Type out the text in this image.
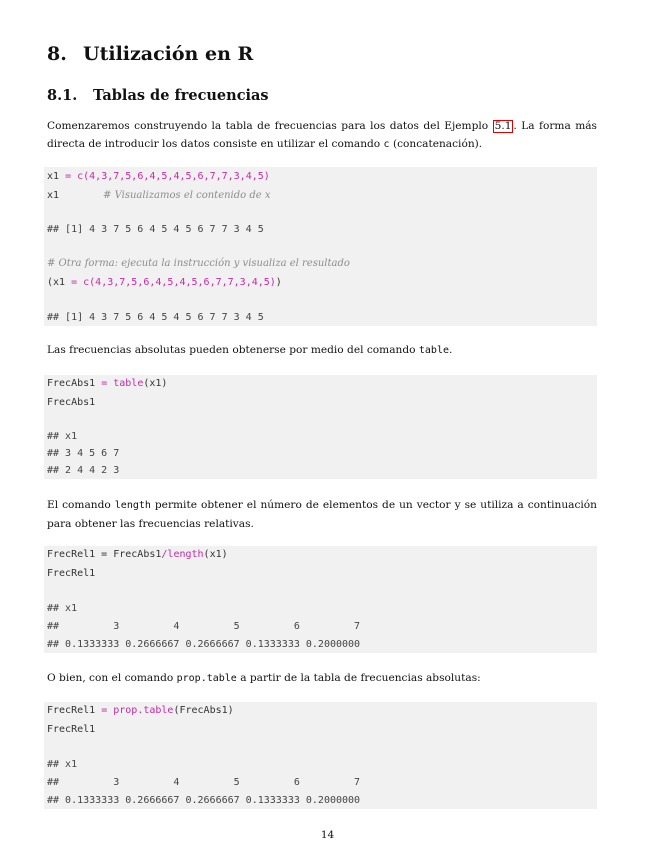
8. Utilización en R
8.1. Tablas de frecuencias
Comenzaremos construyendo la tabla de frecuencias para los datos del Ejemplo 5.1 . La forma más
directa de introducir los datos consiste en utilizar el comando c (concatenación).
x1 = c(4,3,7,5,6,4,5,4,5,6,7,7,3,4,5)
x1	# Visualizamos el contenido de x
## [1] 4 3 7 5 6 4 5 4 5 6 7 7 3 4 5
# Otra forma: ejecuta la instrucción y visualiza el resultado
(x1 = c(4,3,7,5,6,4,5,4,5,6,7,7,3,4,5))
## [1] 4 3 7 5 6 4 5 4 5 6 7 7 3 4 5
Las frecuencias absolutas pueden obtenerse por medio del comando table.
FrecAbs1 = table(x1)
FrecAbs1
## x1
## 3 4 5 6 7
## 2 4 4 2 3
El comando length permite obtener el número de elementos de un vector y se utiliza a continuación
para obtener las frecuencias relativas.
FrecRel1 = FrecAbs1/length(x1)
FrecRel1
## x1
##         3         4         5         6         7
## 0.1333333 0.2666667 0.2666667 0.1333333 0.2000000
O bien, con el comando prop.table a partir de la tabla de frecuencias absolutas:
FrecRel1 = prop.table(FrecAbs1)
FrecRel1
## x1
##         3         4         5         6         7
## 0.1333333 0.2666667 0.2666667 0.1333333 0.2000000
14
